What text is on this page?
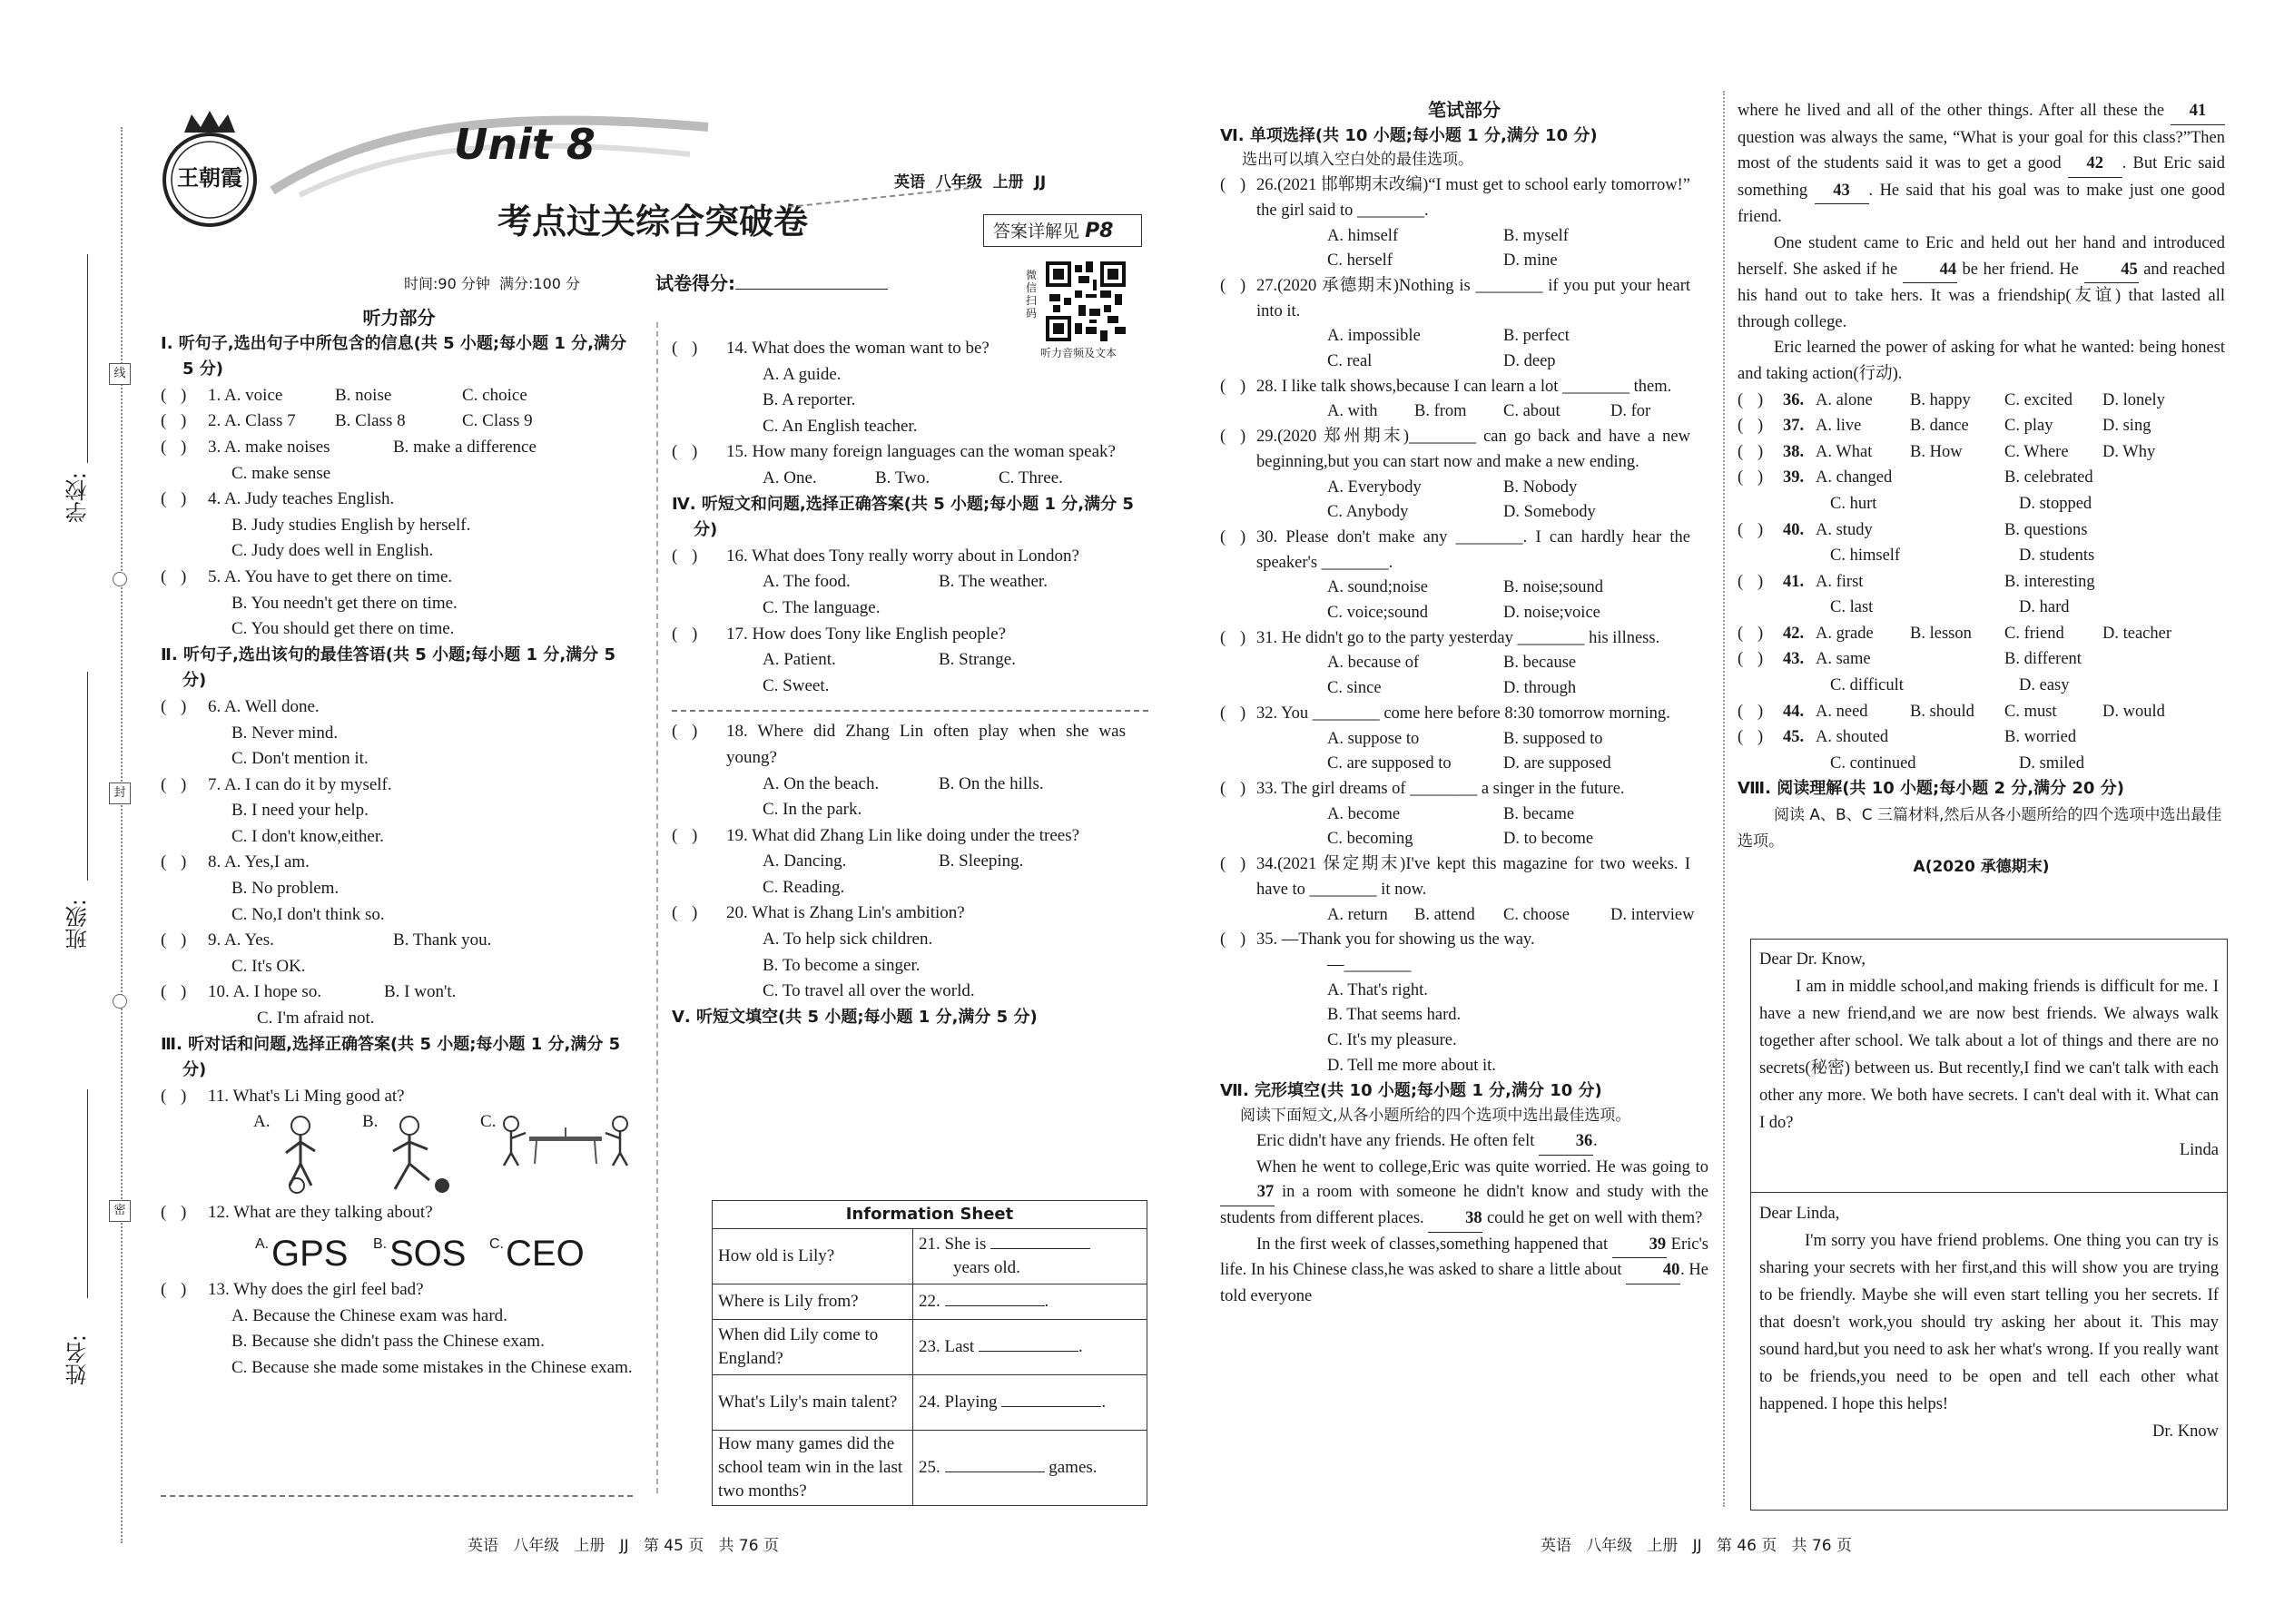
学校:
班级:
姓名:
线
封
密
王朝霞
Unit 8
考点过关综合突破卷
英语  八年级  上册  JJ
答案详解见 P8
时间:90 分钟  满分:100 分	试卷得分:	微信扫码
听力音频及文本

听力部分

Ⅰ. 听句子,选出句子中所包含的信息(共 5 小题;每小题 1 分,满分 5 分)

( )	1. A. voice	B. noise	C. choice
( )	2. A. Class 7	B. Class 8	C. Class 9
( )	3. A. make noises	B. make a difference
C. make sense
( )	4. A. Judy teaches English.
B. Judy studies English by herself.
C. Judy does well in English.
( )	5. A. You have to get there on time.
B. You needn't get there on time.
C. You should get there on time.

Ⅱ. 听句子,选出该句的最佳答语(共 5 小题;每小题 1 分,满分 5 分)

( )	6. A. Well done.
B. Never mind.
C. Don't mention it.
( )	7. A. I can do it by myself.
B. I need your help.
C. I don't know,either.
( )	8. A. Yes,I am.
B. No problem.
C. No,I don't think so.
( )	9. A. Yes.	B. Thank you.
C. It's OK.
( )	10. A. I hope so.	B. I won't.
C. I'm afraid not.

Ⅲ. 听对话和问题,选择正确答案(共 5 小题;每小题 1 分,满分 5 分)

( )	11. What's Li Ming good at?
A.	B.	C.
( )	12. What are they talking about?
A. GPS B. SOS C. CEO
( )	13. Why does the girl feel bad?
A. Because the Chinese exam was hard.
B. Because she didn't pass the Chinese exam.
C. Because she made some mistakes in the Chinese exam.
( )	14. What does the woman want to be?
A. A guide.
B. A reporter.
C. An English teacher.
( )	15. How many foreign languages can the woman speak?
A. One.	B. Two.	C. Three.

Ⅳ. 听短文和问题,选择正确答案(共 5 小题;每小题 1 分,满分 5 分)

( )	16. What does Tony really worry about in London?
A. The food.	B. The weather.
C. The language.
( )	17. How does Tony like English people?
A. Patient.	B. Strange.
C. Sweet.
( )	18. Where did Zhang Lin often play when she was young?
A. On the beach.	B. On the hills.
C. In the park.
( )	19. What did Zhang Lin like doing under the trees?
A. Dancing.	B. Sleeping.
C. Reading.
( )	20. What is Zhang Lin's ambition?
A. To help sick children.
B. To become a singer.
C. To travel all over the world.

Ⅴ. 听短文填空(共 5 小题;每小题 1 分,满分 5 分)

Information Sheet	
How old is Lily?	21. She is
years old.
Where is Lily from?	22. .
When did Lily come to England?	23. Last .
What's Lily's main talent?	24. Playing .
How many games did the school team win in the last two months?	25. games.

笔试部分

Ⅵ. 单项选择(共 10 小题;每小题 1 分,满分 10 分)

选出可以填入空白处的最佳选项。

( ) 26.(2021 邯郸期末改编)“I must get to school early tomorrow!” the girl said to ________.
A. himself	B. myself
C. herself	D. mine
( ) 27.(2020 承德期末)Nothing is ________ if you put your heart into it.
A. impossible	B. perfect
C. real	D. deep
( ) 28. I like talk shows,because I can learn a lot ________ them.
A. with	B. from	C. about	D. for
( ) 29.(2020 郑州期末)________ can go back and have a new beginning,but you can start now and make a new ending.
A. Everybody	B. Nobody
C. Anybody	D. Somebody
( ) 30. Please don't make any ________. I can hardly hear the speaker's ________.
A. sound;noise	B. noise;sound
C. voice;sound	D. noise;voice
( ) 31. He didn't go to the party yesterday ________ his illness.
A. because of	B. because
C. since	D. through
( ) 32. You ________ come here before 8:30 tomorrow morning.
A. suppose to	B. supposed to
C. are supposed to	D. are supposed
( ) 33. The girl dreams of ________ a singer in the future.
A. become	B. became
C. becoming	D. to become
( ) 34.(2021 保定期末)I've kept this magazine for two weeks. I have to ________ it now.
A. return	B. attend	C. choose	D. interview
( ) 35. —Thank you for showing us the way.
—________
A. That's right.
B. That seems hard.
C. It's my pleasure.
D. Tell me more about it.

Ⅶ. 完形填空(共 10 小题;每小题 1 分,满分 10 分)

阅读下面短文,从各小题所给的四个选项中选出最佳选项。

Eric didn't have any friends. He often felt 36.

When he went to college,Eric was quite worried. He was going to 37 in a room with someone he didn't know and study with the students from different places. 38 could he get on well with them?

In the first week of classes,something happened that 39 Eric's life. In his Chinese class,he was asked to share a little about 40. He told everyone

where he lived and all of the other things. After all these the 41 question was always the same, “What is your goal for this class?”Then most of the students said it was to get a good 42 . But Eric said something 43 . He said that his goal was to make just one good friend.

One student came to Eric and held out her hand and introduced herself. She asked if he	44 be her friend. He	45 and reached his hand out to take hers. It was a friendship(友谊) that lasted all through college.

Eric learned the power of asking for what he wanted: being honest and taking action(行动).

( )	36. A. alone	B. happy	C. excited	D. lonely
( )	37. A. live	B. dance	C. play	D. sing
( )	38. A. What	B. How	C. Where	D. Why
( )	39. A. changed	B. celebrated
C. hurt	D. stopped
( )	40. A. study	B. questions
C. himself	D. students
( )	41. A. first	B. interesting
C. last	D. hard
( )	42. A. grade	B. lesson	C. friend	D. teacher
( )	43. A. same	B. different
C. difficult	D. easy
( )	44. A. need	B. should	C. must	D. would
( )	45. A. shouted	B. worried
C. continued	D. smiled

Ⅷ. 阅读理解(共 10 小题;每小题 2 分,满分 20 分)

阅读 A、B、C 三篇材料,然后从各小题所给的四个选项中选出最佳选项。

A(2020 承德期末)

Dear Dr. Know,

I am in middle school,and making friends is difficult for me. I have a new friend,and we are now best friends. We always walk together after school. We talk about a lot of things and there are no secrets(秘密) between us. But recently,I find we can't talk with each other any more. We both have secrets. I can't deal with it. What can I do?

Linda

Dear Linda,

I'm sorry you have friend problems. One thing you can try is sharing your secrets with her first,and this will show you are trying to be friendly. Maybe she will even start telling you her secrets. If that doesn't work,you should try asking her about it. This may sound hard,but you need to ask her what's wrong. If you really want to be friends,you need to be open and tell each other what happened. I hope this helps!

Dr. Know

英语   八年级   上册   JJ   第 45 页   共 76 页	英语   八年级   上册   JJ   第 46 页   共 76 页
